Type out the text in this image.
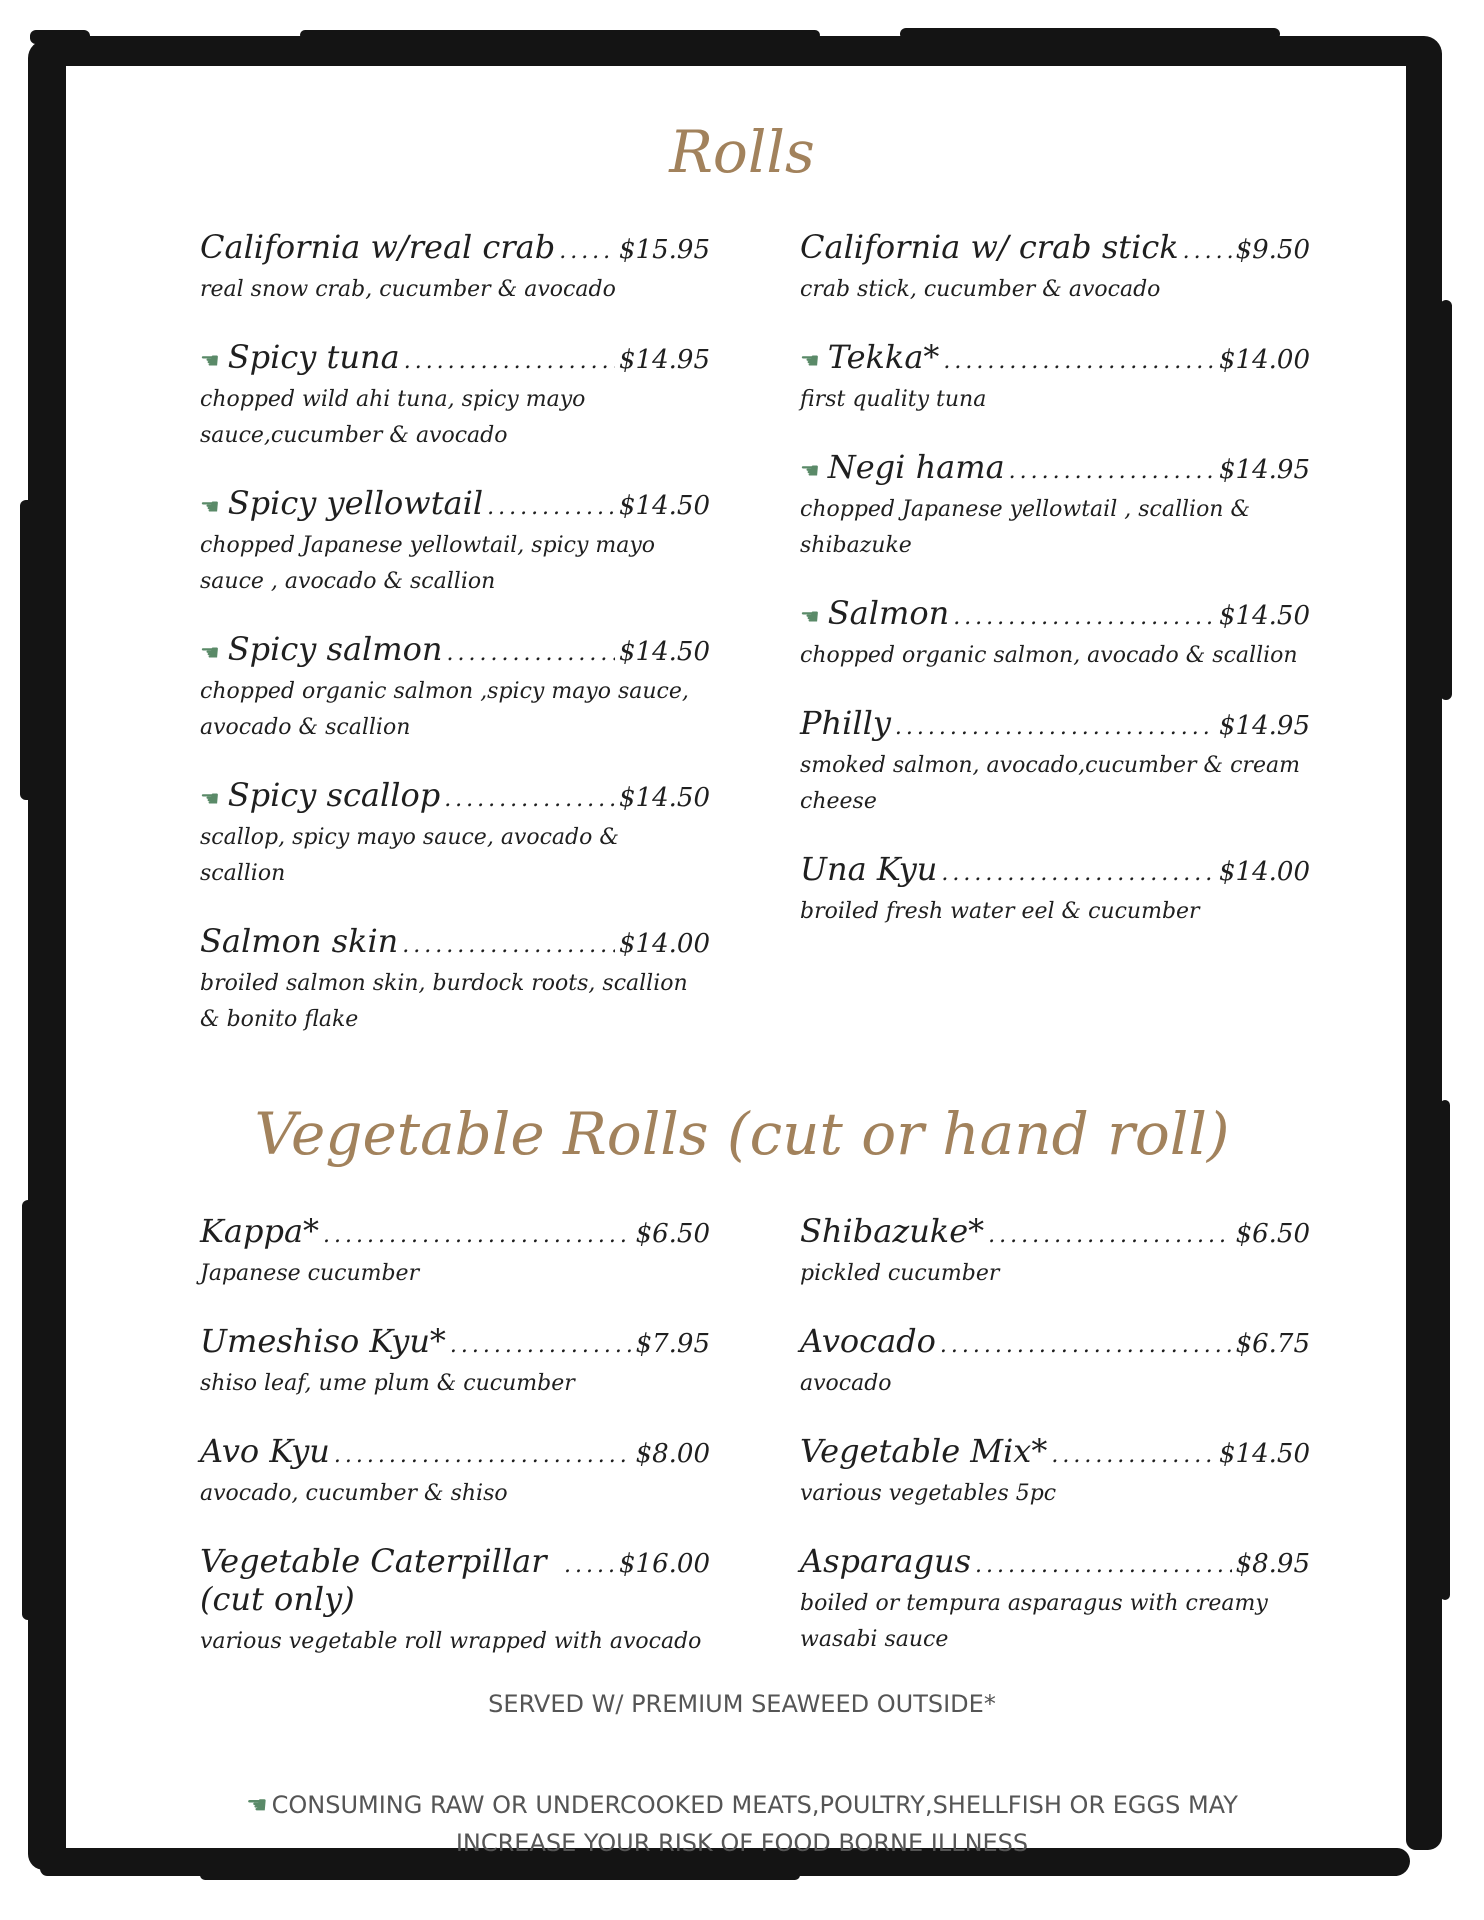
Rolls
Vegetable Rolls (cut or hand roll)
California w/real crab ..... $15.95
real snow crab, cucumber & avocado
☚ Spicy tuna .....	$14.95
chopped wild ahi tuna, spicy mayo sauce,cucumber & avocado
☚ Spicy yellowtail .....	$14.50
chopped Japanese yellowtail, spicy mayo sauce , avocado & scallion
☚ Spicy salmon .....	$14.50
chopped organic salmon ,spicy mayo sauce, avocado & scallion
☚ Spicy scallop .....	$14.50
scallop, spicy mayo sauce, avocado & scallion
Salmon skin .....	$14.00
broiled salmon skin, burdock roots, scallion & bonito flake
California w/ crab stick ..... $9.50
crab stick, cucumber & avocado
☚ Tekka* .....	$14.00
first quality tuna
☚ Negi hama .....	$14.95
chopped Japanese yellowtail , scallion & shibazuke
☚ Salmon .....	$14.50
chopped organic salmon, avocado & scallion
Philly .....	$14.95
smoked salmon, avocado,cucumber & cream cheese
Una Kyu .....	$14.00
broiled fresh water eel & cucumber
Kappa* .....	$6.50
Japanese cucumber
Umeshiso Kyu* .....	$7.95
shiso leaf, ume plum & cucumber
Avo Kyu .....	$8.00
avocado, cucumber & shiso
Vegetable Caterpillar (cut only)
.....
$16.00
various vegetable roll wrapped with avocado
Shibazuke* .....	$6.50
pickled cucumber
Avocado .....	$6.75
avocado
Vegetable Mix* .....	$14.50
various vegetables 5pc
Asparagus .....	$8.95
boiled or tempura asparagus with creamy wasabi sauce
SERVED W/ PREMIUM SEAWEED OUTSIDE*
☚ CONSUMING RAW OR UNDERCOOKED MEATS,POULTRY,SHELLFISH OR EGGS MAY
INCREASE YOUR RISK OF FOOD BORNE ILLNESS
